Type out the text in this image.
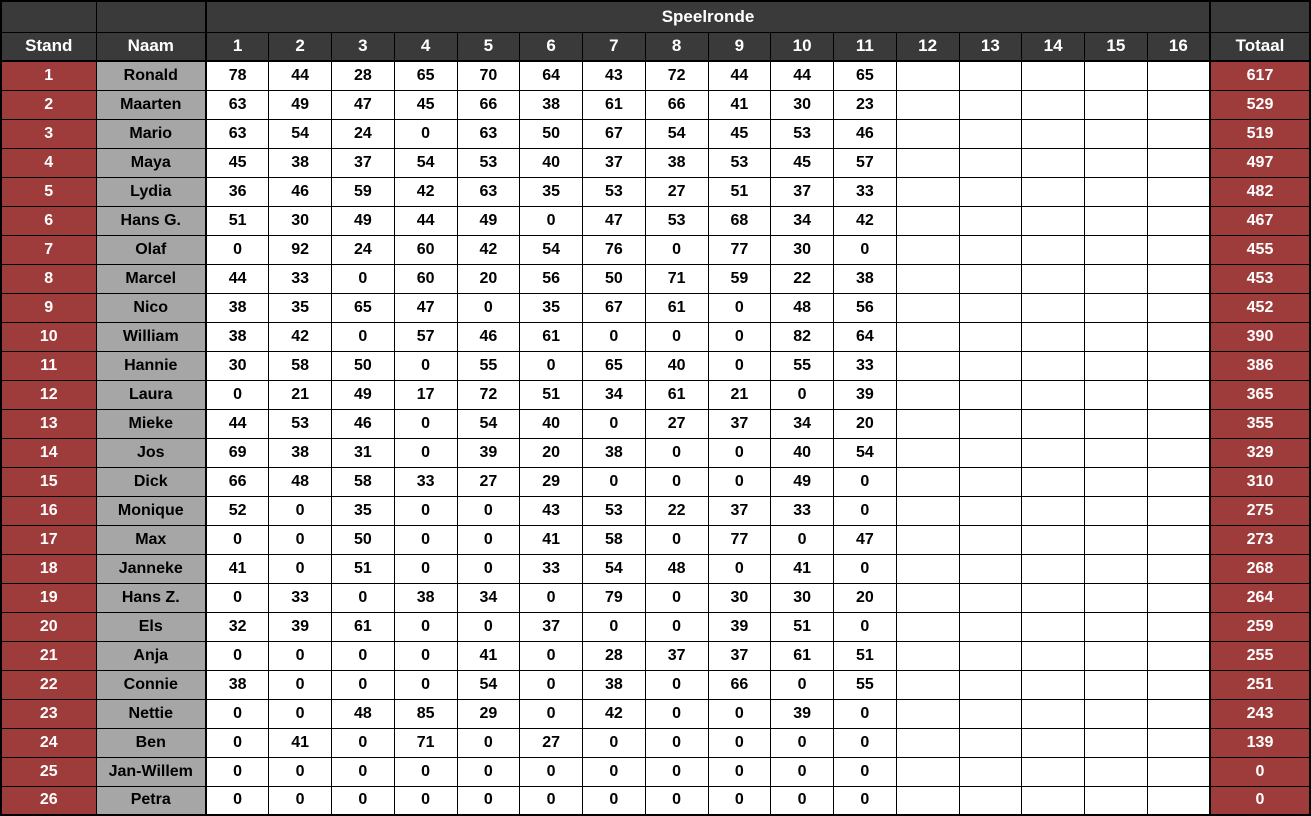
		Speelronde																
Stand	Naam	1	2	3	4	5	6	7	8	9	10	11	12	13	14	15	16	Totaal
1	Ronald	78	44	28	65	70	64	43	72	44	44	65						617
2	Maarten	63	49	47	45	66	38	61	66	41	30	23						529
3	Mario	63	54	24	0	63	50	67	54	45	53	46						519
4	Maya	45	38	37	54	53	40	37	38	53	45	57						497
5	Lydia	36	46	59	42	63	35	53	27	51	37	33						482
6	Hans G.	51	30	49	44	49	0	47	53	68	34	42						467
7	Olaf	0	92	24	60	42	54	76	0	77	30	0						455
8	Marcel	44	33	0	60	20	56	50	71	59	22	38						453
9	Nico	38	35	65	47	0	35	67	61	0	48	56						452
10	William	38	42	0	57	46	61	0	0	0	82	64						390
11	Hannie	30	58	50	0	55	0	65	40	0	55	33						386
12	Laura	0	21	49	17	72	51	34	61	21	0	39						365
13	Mieke	44	53	46	0	54	40	0	27	37	34	20						355
14	Jos	69	38	31	0	39	20	38	0	0	40	54						329
15	Dick	66	48	58	33	27	29	0	0	0	49	0						310
16	Monique	52	0	35	0	0	43	53	22	37	33	0						275
17	Max	0	0	50	0	0	41	58	0	77	0	47						273
18	Janneke	41	0	51	0	0	33	54	48	0	41	0						268
19	Hans Z.	0	33	0	38	34	0	79	0	30	30	20						264
20	Els	32	39	61	0	0	37	0	0	39	51	0						259
21	Anja	0	0	0	0	41	0	28	37	37	61	51						255
22	Connie	38	0	0	0	54	0	38	0	66	0	55						251
23	Nettie	0	0	48	85	29	0	42	0	0	39	0						243
24	Ben	0	41	0	71	0	27	0	0	0	0	0						139
25	Jan-Willem	0	0	0	0	0	0	0	0	0	0	0						0
26	Petra	0	0	0	0	0	0	0	0	0	0	0						0
